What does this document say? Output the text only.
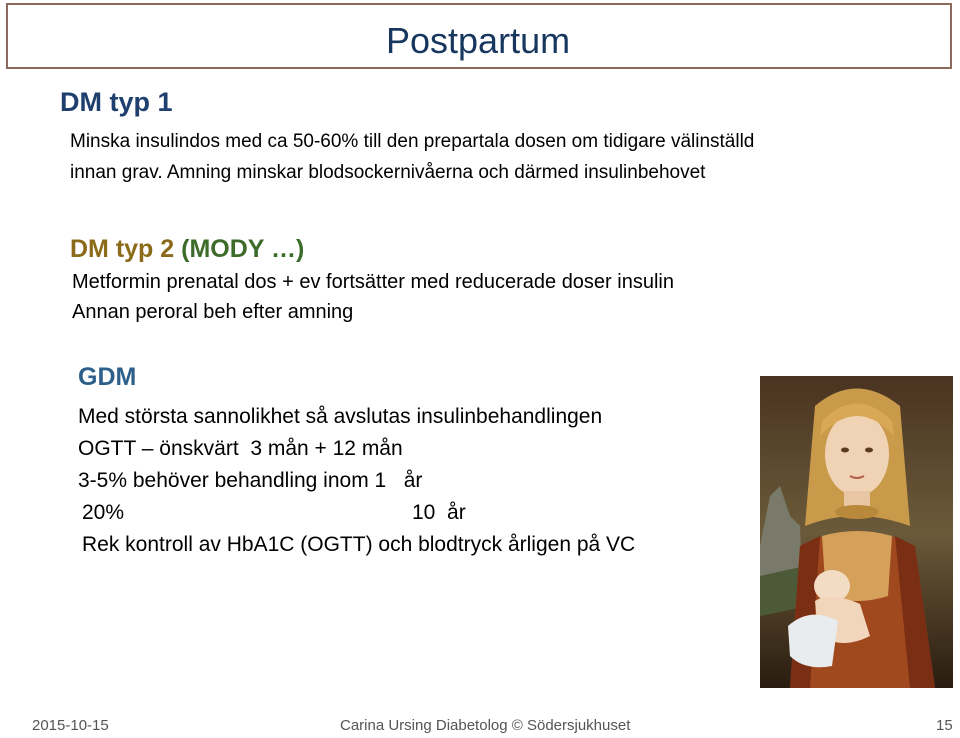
Postpartum
DM typ 1
Minska insulindos med ca 50-60% till den prepartala dosen om tidigare välinställd
innan grav. Amning minskar blodsockernivåerna och därmed insulinbehovet
DM typ 2 (MODY …)
Metformin prenatal dos + ev fortsätter med reducerade doser insulin
Annan peroral beh efter amning
GDM
Med största sannolikhet så avslutas insulinbehandlingen
OGTT – önskvärt  3 mån + 12 mån
3-5% behöver behandling inom 1   år
20%	10  år
Rek kontroll av HbA1C (OGTT) och blodtryck årligen på VC
2015-10-15	Carina Ursing Diabetolog © Södersjukhuset	15
